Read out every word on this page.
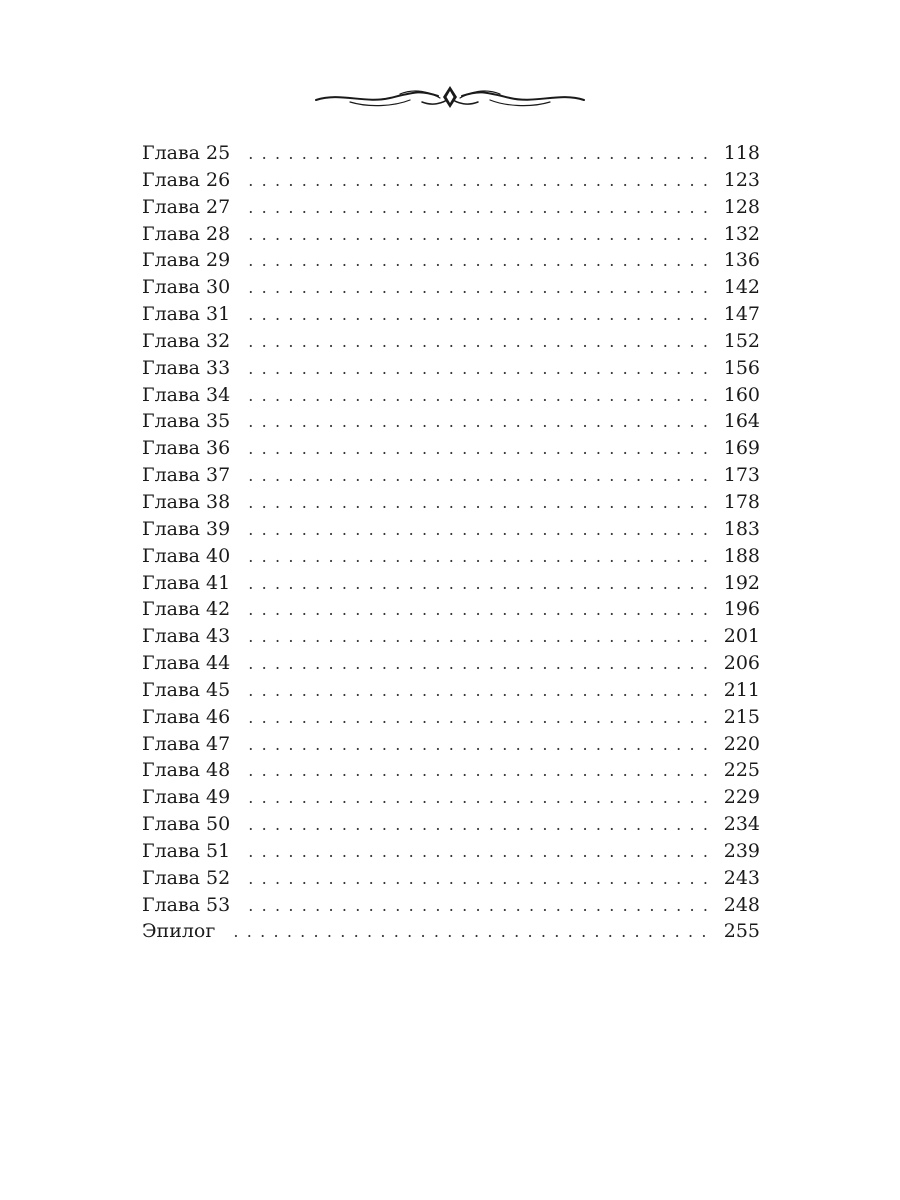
Глава 25 . . .	118
Глава 26 . . .	123
Глава 27 . . .	128
Глава 28 . . .	132
Глава 29 . . .	136
Глава 30 . . .	142
Глава 31 . . .	147
Глава 32 . . .	152
Глава 33 . . .	156
Глава 34 . . .	160
Глава 35 . . .	164
Глава 36 . . .	169
Глава 37 . . .	173
Глава 38 . . .	178
Глава 39 . . .	183
Глава 40 . . .	188
Глава 41 . . .	192
Глава 42 . . .	196
Глава 43 . . .	201
Глава 44 . . .	206
Глава 45 . . .	211
Глава 46 . . .	215
Глава 47 . . .	220
Глава 48 . . .	225
Глава 49 . . .	229
Глава 50 . . .	234
Глава 51 . . .	239
Глава 52 . . .	243
Глава 53 . . .	248
Эпилог . . .	255
